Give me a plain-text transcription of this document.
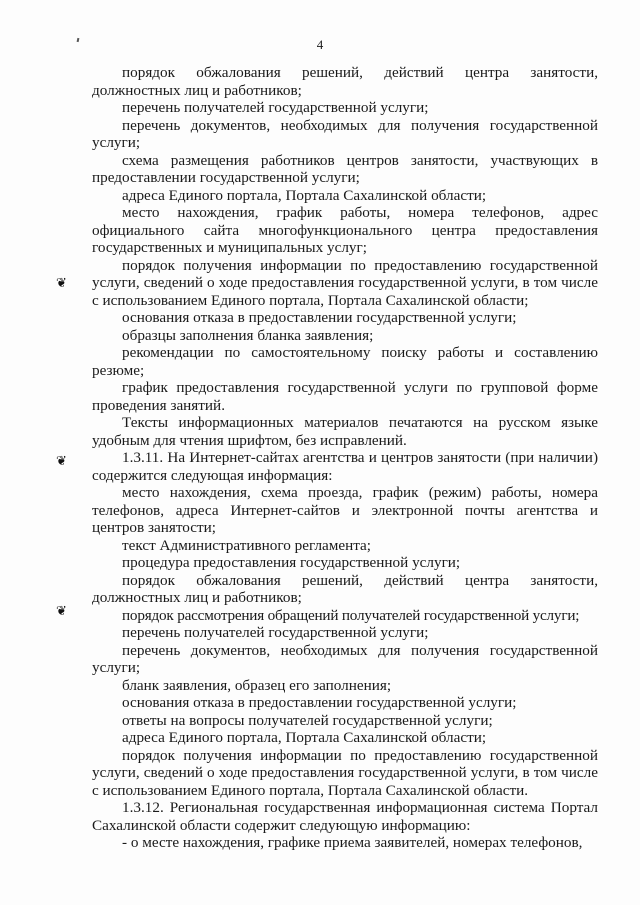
4
❦
❦
❦

порядок обжалования решений, действий центра занятости, должностных лиц и работников;

перечень получателей государственной услуги;

перечень документов, необходимых для получения государственной услуги;

схема размещения работников центров занятости, участвующих в предоставлении государственной услуги;

адреса Единого портала, Портала Сахалинской области;

место нахождения, график работы, номера телефонов, адрес официального сайта многофункционального центра предоставления государственных и муниципальных услуг;

порядок получения информации по предоставлению государственной услуги, сведений о ходе предоставления государственной услуги, в том числе с использованием Единого портала, Портала Сахалинской области;

основания отказа в предоставлении государственной услуги;

образцы заполнения бланка заявления;

рекомендации по самостоятельному поиску работы и составлению резюме;

график предоставления государственной услуги по групповой форме проведения занятий.

Тексты информационных материалов печатаются на русском языке удобным для чтения шрифтом, без исправлений.

1.3.11. На Интернет-сайтах агентства и центров занятости (при наличии) содержится следующая информация:

место нахождения, схема проезда, график (режим) работы, номера телефонов, адреса Интернет-сайтов и электронной почты агентства и центров занятости;

текст Административного регламента;

процедура предоставления государственной услуги;

порядок обжалования решений, действий центра занятости, должностных лиц и работников;

порядок рассмотрения обращений получателей государственной услуги;

перечень получателей государственной услуги;

перечень документов, необходимых для получения государственной услуги;

бланк заявления, образец его заполнения;

основания отказа в предоставлении государственной услуги;

ответы на вопросы получателей государственной услуги;

адреса Единого портала, Портала Сахалинской области;

порядок получения информации по предоставлению государственной услуги, сведений о ходе предоставления государственной услуги, в том числе с использованием Единого портала, Портала Сахалинской области.

1.3.12. Региональная государственная информационная система Портал Сахалинской области содержит следующую информацию:

- о месте нахождения, графике приема заявителей, номерах телефонов,
